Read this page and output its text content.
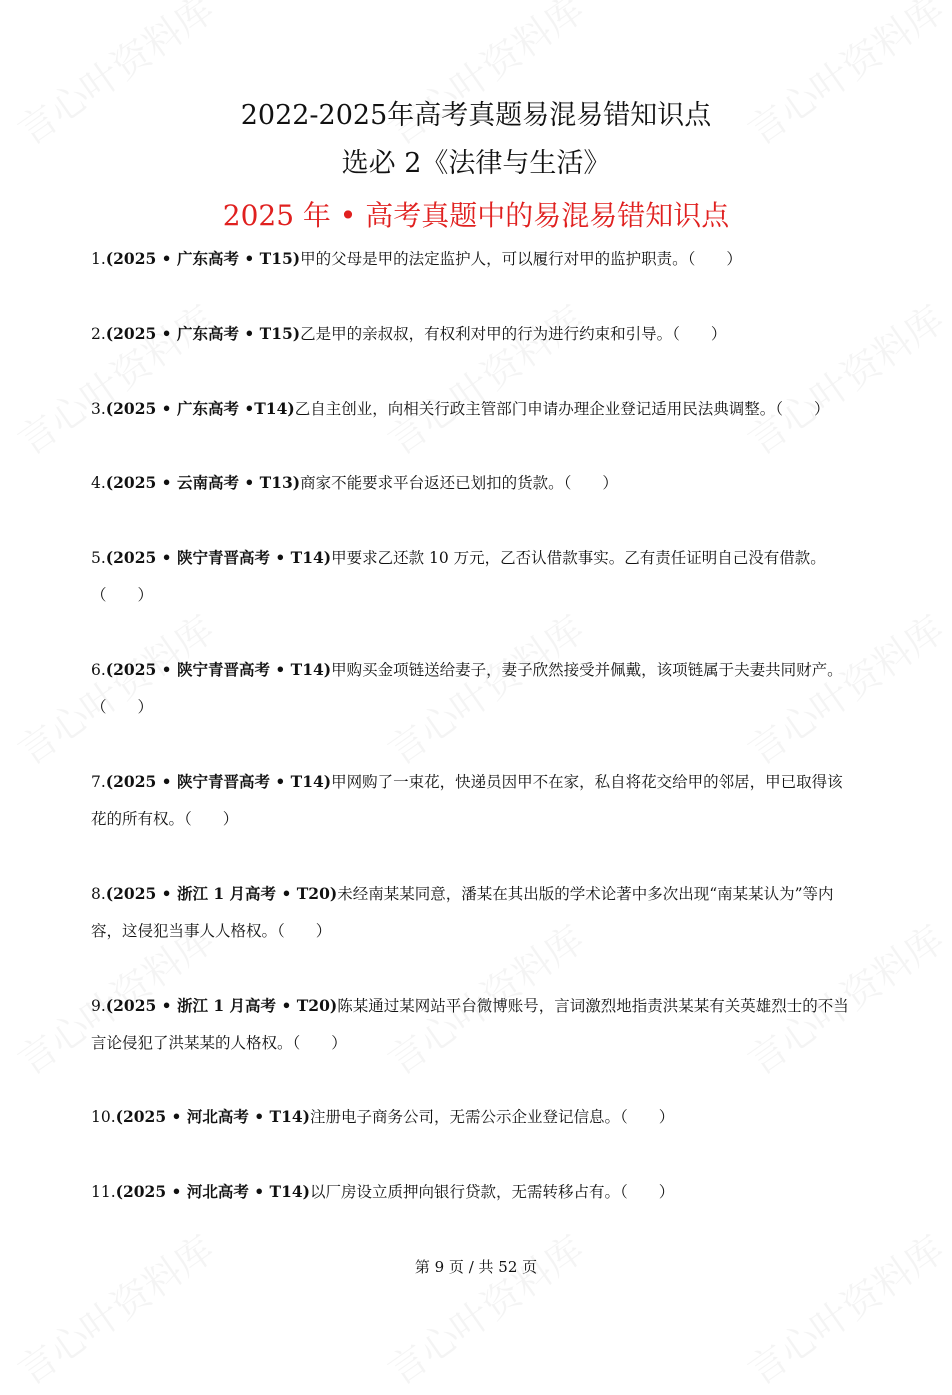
2022-2025年高考真题易混易错知识点
选必 2《法律与生活》
2025 年 • 高考真题中的易混易错知识点
1.(2025 • 广东高考 • T15)甲的父母是甲的法定监护人，可以履行对甲的监护职责。（　　）
2.(2025 • 广东高考 • T15)乙是甲的亲叔叔，有权利对甲的行为进行约束和引导。（　　）
3.(2025 • 广东高考 •T14)乙自主创业，向相关行政主管部门申请办理企业登记适用民法典调整。（　　）
4.(2025 • 云南高考 • T13)商家不能要求平台返还已划扣的货款。（　　）
5.(2025 • 陕宁青晋高考 • T14)甲要求乙还款 10 万元，乙否认借款事实。乙有责任证明自己没有借款。（　　）
6.(2025 • 陕宁青晋高考 • T14)甲购买金项链送给妻子，妻子欣然接受并佩戴，该项链属于夫妻共同财产。（　　）
7.(2025 • 陕宁青晋高考 • T14)甲网购了一束花，快递员因甲不在家，私自将花交给甲的邻居，甲已取得该花的所有权。（　　）
8.(2025 • 浙江 1 月高考 • T20)未经南某某同意，潘某在其出版的学术论著中多次出现“南某某认为”等内容，这侵犯当事人人格权。（　　）
9.(2025 • 浙江 1 月高考 • T20)陈某通过某网站平台微博账号，言词激烈地指责洪某某有关英雄烈士的不当言论侵犯了洪某某的人格权。（　　）
10.(2025 • 河北高考 • T14)注册电子商务公司，无需公示企业登记信息。（　　）
11.(2025 • 河北高考 • T14)以厂房设立质押向银行贷款，无需转移占有。（　　）
第 9 页 / 共 52 页
